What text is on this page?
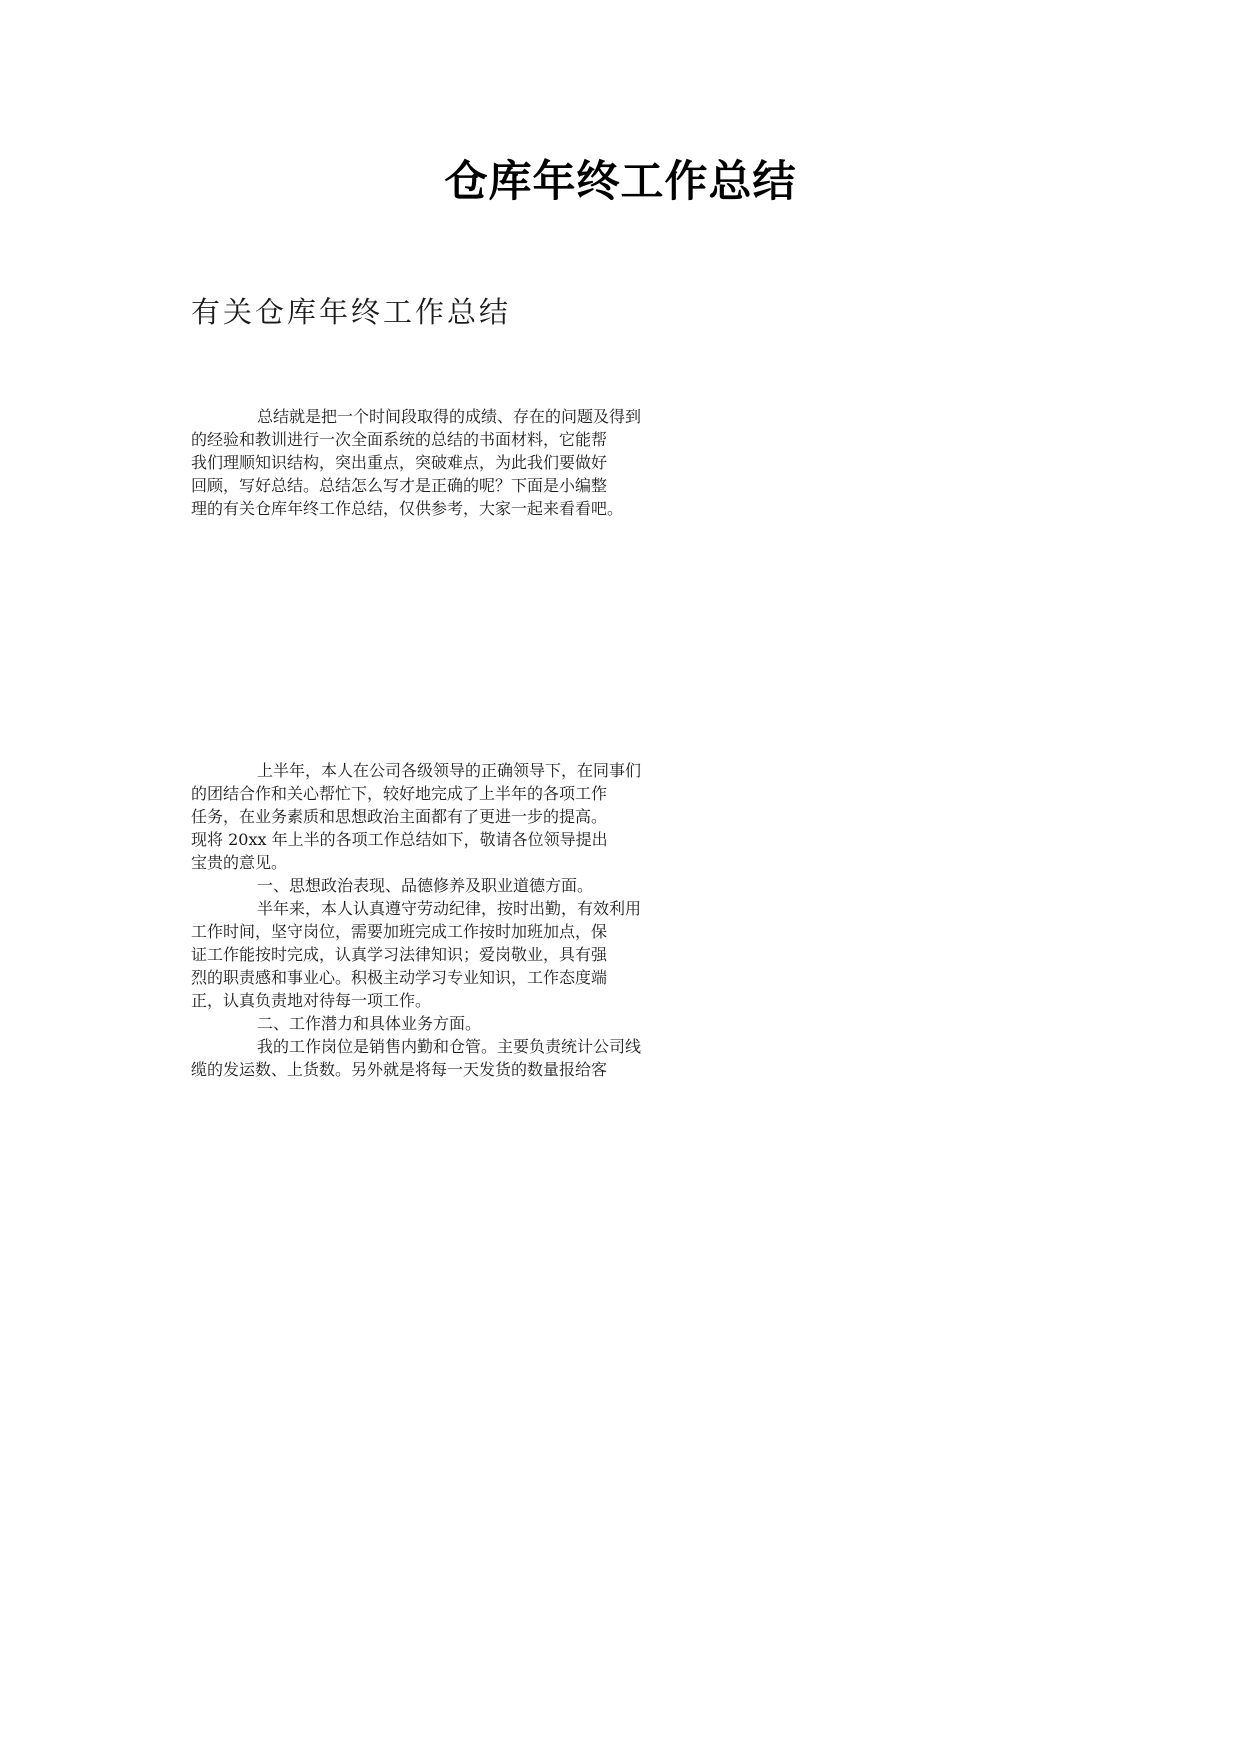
仓库年终工作总结
有关仓库年终工作总结
总结就是把一个时间段取得的成绩、存在的问题及得到
的经验和教训进行一次全面系统的总结的书面材料，它能帮
我们理顺知识结构，突出重点，突破难点，为此我们要做好
回顾，写好总结。总结怎么写才是正确的呢？下面是小编整
理的有关仓库年终工作总结，仅供参考，大家一起来看看吧。
上半年，本人在公司各级领导的正确领导下，在同事们
的团结合作和关心帮忙下，较好地完成了上半年的各项工作
任务，在业务素质和思想政治主面都有了更进一步的提高。
现将 20xx 年上半的各项工作总结如下，敬请各位领导提出
宝贵的意见。
一、思想政治表现、品德修养及职业道德方面。
半年来，本人认真遵守劳动纪律，按时出勤，有效利用
工作时间，坚守岗位，需要加班完成工作按时加班加点，保
证工作能按时完成，认真学习法律知识；爱岗敬业，具有强
烈的职责感和事业心。积极主动学习专业知识，工作态度端
正，认真负责地对待每一项工作。
二、工作潜力和具体业务方面。
我的工作岗位是销售内勤和仓管。主要负责统计公司线
缆的发运数、上货数。另外就是将每一天发货的数量报给客
